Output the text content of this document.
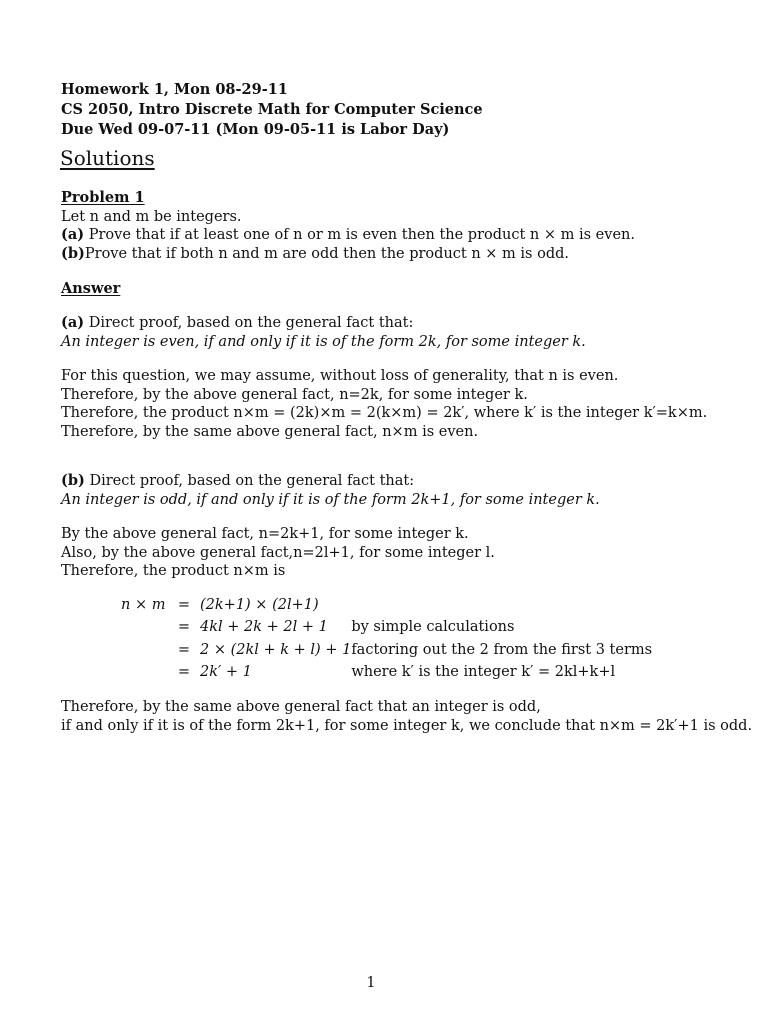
Homework 1, Mon 08-29-11
CS 2050, Intro Discrete Math for Computer Science
Due Wed 09-07-11 (Mon 09-05-11 is Labor Day)
Solutions
Problem 1
Let n and m be integers.
(a) Prove that if at least one of n or m is even then the product n × m is even.
(b)Prove that if both n and m are odd then the product n × m is odd.
Answer
(a) Direct proof, based on the general fact that:
An integer is even, if and only if it is of the form 2k, for some integer k.
For this question, we may assume, without loss of generality, that n is even.
Therefore, by the above general fact, n=2k, for some integer k.
Therefore, the product n×m = (2k)×m = 2(k×m) = 2k′, where k′ is the integer k′=k×m.
Therefore, by the same above general fact, n×m is even.
(b) Direct proof, based on the general fact that:
An integer is odd, if and only if it is of the form 2k+1, for some integer k.
By the above general fact, n=2k+1, for some integer k.
Also, by the above general fact,n=2l+1, for some integer l.
Therefore, the product n×m is
n × m	=	(2k+1) × (2l+1)	
	=	4kl + 2k + 2l + 1	by simple calculations
	=	2 × (2kl + k + l) + 1	factoring out the 2 from the first 3 terms
	=	2k′ + 1	where k′ is the integer k′ = 2kl+k+l
Therefore, by the same above general fact that an integer is odd,
if and only if it is of the form 2k+1, for some integer k, we conclude that n×m = 2k′+1 is odd.
1
